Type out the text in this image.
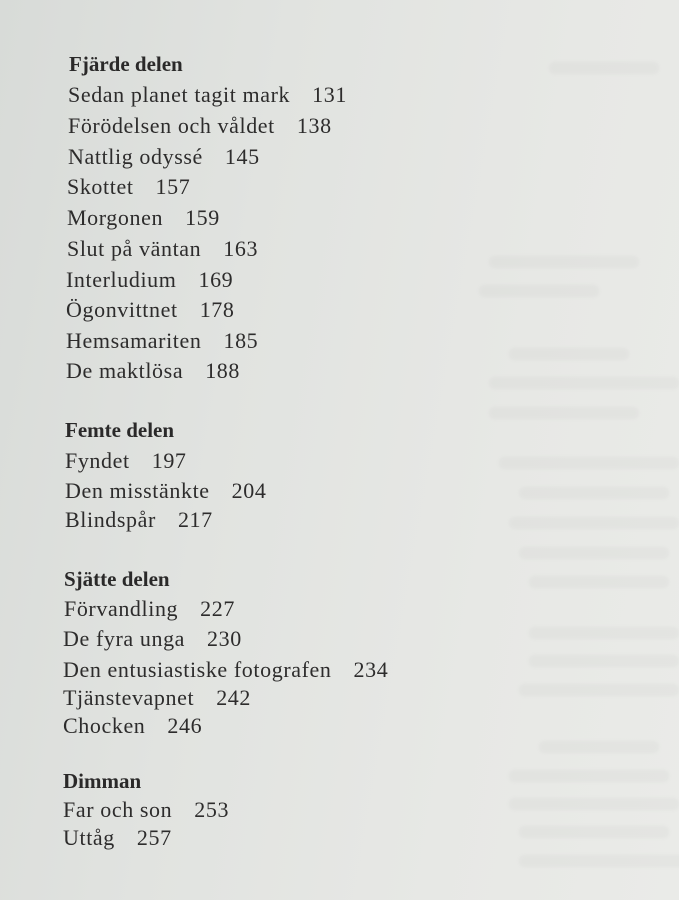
Fjärde delen
Sedan planet tagit mark 131
Förödelsen och våldet 138
Nattlig odyssé 145
Skottet 157
Morgonen 159
Slut på väntan 163
Interludium 169
Ögonvittnet 178
Hemsamariten 185
De maktlösa 188
Femte delen
Fyndet 197
Den misstänkte 204
Blindspår 217
Sjätte delen
Förvandling 227
De fyra unga 230
Den entusiastiske fotografen 234
Tjänstevapnet 242
Chocken 246
Dimman
Far och son 253
Uttåg 257
